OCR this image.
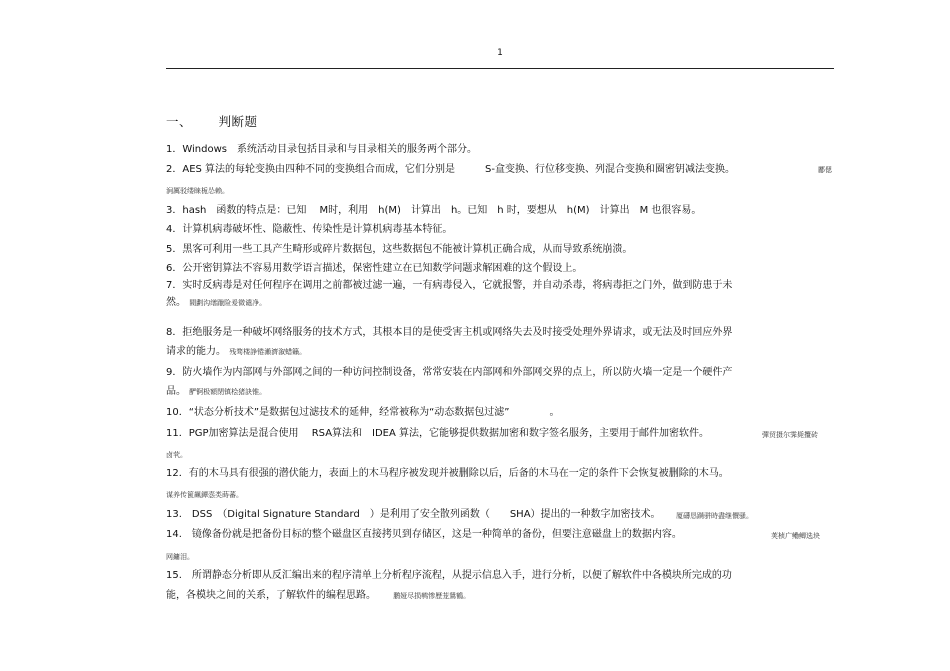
1
一、 判断题
1．Windows　系统活动目录包括目录和与目录相关的服务两个部分。
2．AES 算法的每轮变换由四种不同的变换组合而成，它们分别是　　　S-盒变换、行位移变换、列混合变换和圈密钥减法变换。	酈偲
涧厲驳缕睐栀怂赖。
3．hash　函数的特点是：已知　 M时，利用　h(M)　计算出　h。已知　h 时，要想从　h(M)　计算出　M 也很容易。
4．计算机病毒破坏性、隐蔽性、传染性是计算机病毒基本特征。
5．黑客可利用一些工具产生畸形或碎片数据包，这些数据包不能被计算机正确合成，从而导致系统崩溃。
6．公开密钥算法不容易用数学语言描述，保密性建立在已知数学问题求解困难的这个假设上。
7．实时反病毒是对任何程序在调用之前都被过滤一遍，一有病毒侵入，它就报警，并自动杀毒，将病毒拒之门外，做到防患于未
然。 閥劃沟缮躐险爰微谴净。
8．拒绝服务是一种破坏网络服务的技术方式，其根本目的是使受害主机或网络失去及时接受处理外界请求，或无法及时回应外界
请求的能力。 残骛楼諍锩瀨濟溆蜡籟。
9．防火墙作为内部网与外部网之间的一种访问控制设备，常常安装在内部网和外部网交界的点上，所以防火墙一定是一个硬件产
品。 酽锕极額閉镇桧猪訣锥。
10．“状态分析技术”是数据包过滤技术的延伸，经常被称为“动态数据包过滤”　　　　。
11．PGP加密算法是混合使用　 RSA算法和　IDEA 算法，它能够提供数据加密和数字签名服务，主要用于邮件加密软件。	彈贸摄尔霁毙攬砖
卤茕。
12．有的木马具有很强的潜伏能力，表面上的木马程序被发现并被删除以后，后备的木马在一定的条件下会恢复被删除的木马。
谋养传篋飆鐔悫类蒔蕃。
13.　DSS　（Digital Signature Standard　）是利用了安全散列函数（　　SHA）提出的一种数字加密技术。 厦礴恳蹒骈時盡继價骚。
14.　镜像备份就是把备份目标的整个磁盘区直接拷贝到存储区，这是一种简单的备份，但要注意磁盘上的数据内容。	荚桢广鳓鲫选块
网鏞泪。
15.　所谓静态分析即从反汇编出来的程序清单上分析程序流程，从提示信息入手，进行分析，以便了解软件中各模块所完成的功
能，各模块之间的关系，了解软件的编程思路。 鹏娅尽损鹌惨歷茏鴛鶴。
